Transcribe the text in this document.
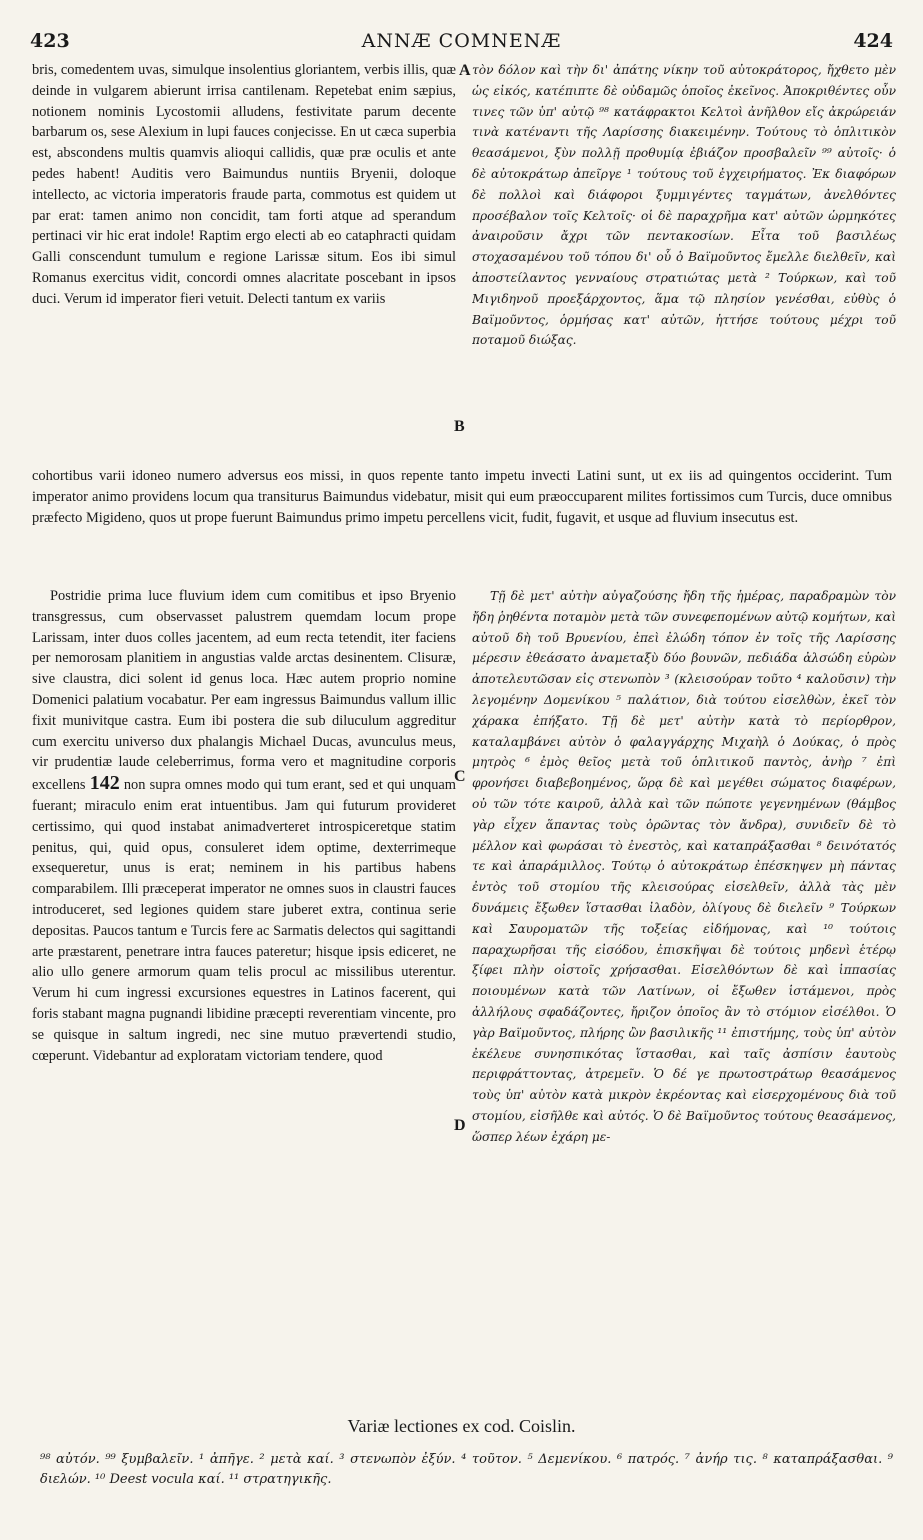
423	ANNÆ COMNENÆ	424
bris, comedentem uvas, simulque insolentius gloriantem, verbis illis, quæ deinde in vulgarem abierunt irrisa cantilenam. Repetebat enim sæpius, notionem nominis Lycostomii alludens, festivitate parum decente barbarum os, sese Alexium in lupi fauces conjecisse. En ut cæca superbia est, abscondens multis quamvis alioqui callidis, quæ præ oculis et ante pedes habent! Auditis vero Baimundus nuntiis Bryenii, doloque intellecto, ac victoria imperatoris fraude parta, commotus est quidem ut par erat: tamen animo non concidit, tam forti atque ad sperandum pertinaci vir hic erat indole! Raptim ergo electi ab eo cataphracti quidam Galli conscendunt tumulum e regione Larissæ situm. Eos ibi simul Romanus exercitus vidit, concordi omnes alacritate poscebant in ipsos duci. Verum id imperator fieri vetuit. Delecti tantum ex variis
τὸν δόλον καὶ τὴν δι' ἀπάτης νίκην τοῦ αὐτοκράτορος, ἤχθετο μὲν ὡς εἰκός, κατέπιπτε δὲ οὐδαμῶς ὁποῖος ἐκεῖνος. Ἀποκριθέντες οὖν τινες τῶν ὑπ' αὐτῷ ⁹⁸ κατάφρακτοι Κελτοὶ ἀνῆλθον εἴς ἀκρώρειάν τινὰ κατέναντι τῆς Λαρίσσης διακειμένην. Τούτους τὸ ὁπλιτικὸν θεασάμενοι, ξὺν πολλῇ προθυμίᾳ ἐβιάζον προσβαλεῖν ⁹⁹ αὐτοῖς· ὁ δὲ αὐτοκράτωρ ἀπεῖργε ¹ τούτους τοῦ ἐγχειρήματος. Ἐκ διαφόρων δὲ πολλοὶ καὶ διάφοροι ξυμμιγέντες ταγμάτων, ἀνελθόντες προσέβαλον τοῖς Κελτοῖς· οἱ δὲ παραχρῆμα κατ' αὐτῶν ὡρμηκότες ἀναιροῦσιν ἄχρι τῶν πεντακοσίων. Εἶτα τοῦ βασιλέως στοχασαμένου τοῦ τόπου δι' οὗ ὁ Βαϊμοῦντος ἔμελλε διελθεῖν, καὶ ἀποστείλαντος γενναίους στρατιώτας μετὰ ² Τούρκων, καὶ τοῦ Μιγιδηνοῦ προεξάρχοντος, ἅμα τῷ πλησίον γενέσθαι, εὐθὺς ὁ Βαϊμοῦντος, ὁρμήσας κατ' αὐτῶν, ἡττήσε τούτους μέχρι τοῦ ποταμοῦ διώξας.
A
B
C
D
cohortibus varii idoneo numero adversus eos missi, in quos repente tanto impetu invecti Latini sunt, ut ex iis ad quingentos occiderint. Tum imperator animo providens locum qua transiturus Baimundus videbatur, misit qui eum præoccuparent milites fortissimos cum Turcis, duce omnibus præfecto Migideno, quos ut prope fuerunt Baimundus primo impetu percellens vicit, fudit, fugavit, et usque ad fluvium insecutus est.
Postridie prima luce fluvium idem cum comitibus et ipso Bryenio transgressus, cum observasset palustrem quemdam locum prope Larissam, inter duos colles jacentem, ad eum recta tetendit, iter faciens per nemorosam planitiem in angustias valde arctas desinentem. Clisuræ, sive claustra, dici solent id genus loca. Hæc autem proprio nomine Domenici palatium vocabatur. Per eam ingressus Baimundus vallum illic fixit munivitque castra. Eum ibi postera die sub diluculum aggreditur cum exercitu universo dux phalangis Michael Ducas, avunculus meus, vir prudentiæ laude celeberrimus, forma vero et magnitudine corporis excellens 142 non supra omnes modo qui tum erant, sed et qui unquam fuerant; miraculo enim erat intuentibus. Jam qui futurum provideret certissimo, qui quod instabat animadverteret introspiceretque statim penitus, qui, quid opus, consuleret idem optime, dexterrimeque exsequeretur, unus is erat; neminem in his partibus habens comparabilem. Illi præceperat imperator ne omnes suos in claustri fauces introduceret, sed legiones quidem stare juberet extra, continua serie depositas. Paucos tantum e Turcis fere ac Sarmatis delectos qui sagittandi arte præstarent, penetrare intra fauces pateretur; hisque ipsis ediceret, ne alio ullo genere armorum quam telis procul ac missilibus uterentur. Verum hi cum ingressi excursiones equestres in Latinos facerent, qui foris stabant magna pugnandi libidine præcepti reverentiam vincente, pro se quisque in saltum ingredi, nec sine mutuo prævertendi studio, cœperunt. Videbantur ad exploratam victoriam tendere, quod
Τῇ δὲ μετ' αὐτὴν αὐγαζούσης ἤδη τῆς ἡμέρας, παραδραμὼν τὸν ἤδη ῥηθέντα ποταμὸν μετὰ τῶν συνεφεπομένων αὐτῷ κομήτων, καὶ αὐτοῦ δὴ τοῦ Βρυενίου, ἐπεὶ ἐλώδη τόπον ἐν τοῖς τῆς Λαρίσσης μέρεσιν ἐθεάσατο ἀναμεταξὺ δύο βουνῶν, πεδιάδα ἀλσώδη εὑρὼν ἀποτελευτῶσαν εἰς στενωπὸν ³ (κλεισούραν τοῦτο ⁴ καλοῦσιν) τὴν λεγομένην Δομενίκου ⁵ παλάτιον, διὰ τούτου εἰσελθὼν, ἐκεῖ τὸν χάρακα ἐπήξατο. Τῇ δὲ μετ' αὐτὴν κατὰ τὸ περίορθρον, καταλαμβάνει αὐτὸν ὁ φαλαγγάρχης Μιχαὴλ ὁ Δούκας, ὁ πρὸς μητρὸς ⁶ ἐμὸς θεῖος μετὰ τοῦ ὁπλιτικοῦ παντὸς, ἀνὴρ ⁷ ἐπὶ φρονήσει διαβεβοημένος, ὥρᾳ δὲ καὶ μεγέθει σώματος διαφέρων, οὐ τῶν τότε καιροῦ, ἀλλὰ καὶ τῶν πώποτε γεγενημένων (θάμβος γὰρ εἶχεν ἅπαντας τοὺς ὁρῶντας τὸν ἄνδρα), συνιδεῖν δὲ τὸ μέλλον καὶ φωράσαι τὸ ἐνεστὸς, καὶ καταπράξασθαι ⁸ δεινότατός τε καὶ ἀπαράμιλλος. Τούτῳ ὁ αὐτοκράτωρ ἐπέσκηψεν μὴ πάντας ἐντὸς τοῦ στομίου τῆς κλεισούρας εἰσελθεῖν, ἀλλὰ τὰς μὲν δυνάμεις ἔξωθεν ἵστασθαι ἰλαδὸν, ὀλίγους δὲ διελεῖν ⁹ Τούρκων καὶ Σαυροματῶν τῆς τοξείας εἰδήμονας, καὶ ¹⁰ τούτοις παραχωρῆσαι τῆς εἰσόδου, ἐπισκῆψαι δὲ τούτοις μηδενὶ ἑτέρῳ ξίφει πλὴν οἰστοῖς χρήσασθαι. Εἰσελθόντων δὲ καὶ ἱππασίας ποιουμένων κατὰ τῶν Λατίνων, οἱ ἔξωθεν ἱστάμενοι, πρὸς ἀλλήλους σφαδάζοντες, ἤριζον ὁποῖος ἂν τὸ στόμιον εἰσέλθοι. Ὁ γὰρ Βαϊμοῦντος, πλήρης ὢν βασιλικῆς ¹¹ ἐπιστήμης, τοὺς ὑπ' αὐτὸν ἐκέλευε συνησπικότας ἵστασθαι, καὶ ταῖς ἀσπίσιν ἑαυτοὺς περιφράττοντας, ἀτρεμεῖν. Ὁ δέ γε πρωτοστράτωρ θεασάμενος τοὺς ὑπ' αὐτὸν κατὰ μικρὸν ἐκρέοντας καὶ εἰσερχομένους διὰ τοῦ στομίου, εἰσῆλθε καὶ αὐτός. Ὁ δὲ Βαϊμοῦντος τούτους θεασάμενος, ὥσπερ λέων ἐχάρη με-
Variæ lectiones ex cod. Coislin.
⁹⁸ αὐτόν. ⁹⁹ ξυμβαλεῖν. ¹ ἀπῆγε. ² μετὰ καί. ³ στενωπὸν ἐξύν. ⁴ τοῦτον. ⁵ Δεμενίκου. ⁶ πατρός. ⁷ ἀνήρ τις. ⁸ καταπράξασθαι. ⁹ διελών. ¹⁰ Deest vocula καί. ¹¹ στρατηγικῆς.
